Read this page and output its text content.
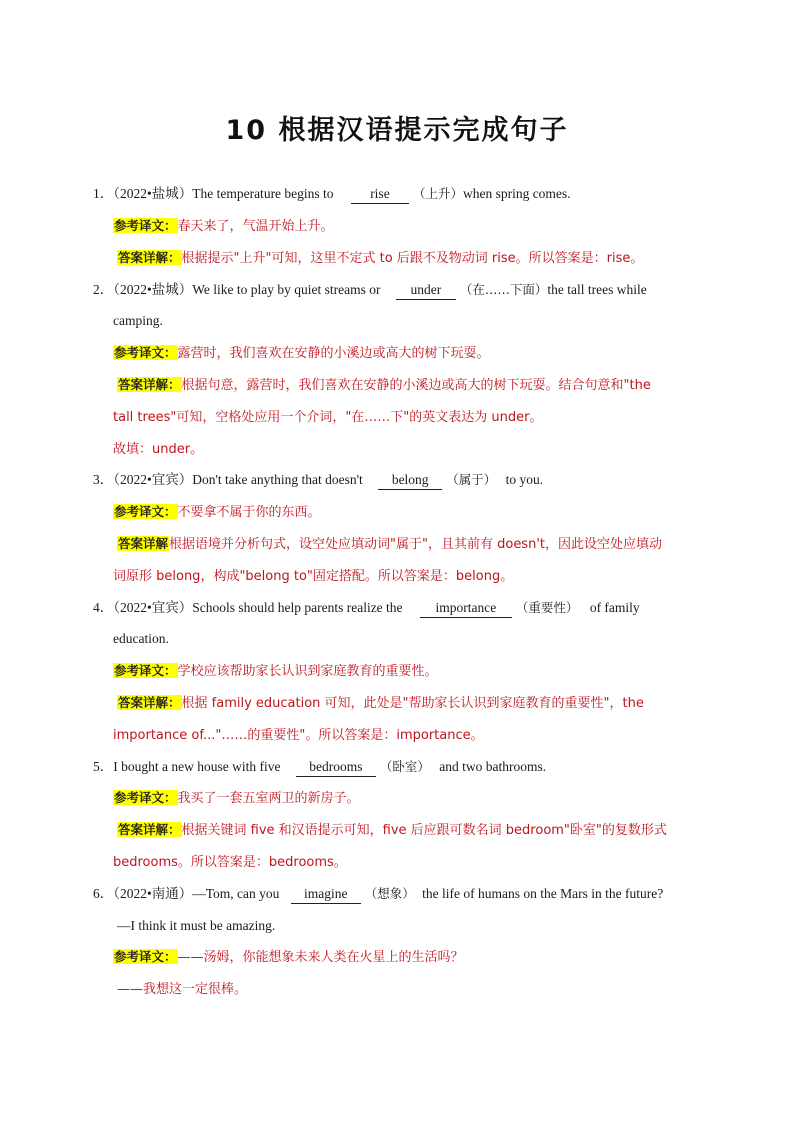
10 根据汉语提示完成句子
1．（2022•盐城）The temperature begins to	rise （上升）when spring comes.
参考译文：春天来了，气温开始上升。
答案详解：根据提示"上升"可知，这里不定式 to 后跟不及物动词 rise。所以答案是：rise。
2．（2022•盐城）We like to play by quiet streams or under （在……下面）the tall trees while
camping.
参考译文：露营时，我们喜欢在安静的小溪边或高大的树下玩耍。
答案详解：根据句意，露营时，我们喜欢在安静的小溪边或高大的树下玩耍。结合句意和"the
tall trees"可知，空格处应用一个介词，"在……下"的英文表达为 under。
故填：under。
3．（2022•宜宾）Don't take anything that doesn't belong （属于） to you.
参考译文：不要拿不属于你的东西。
答案详解根据语境并分析句式，设空处应填动词"属于"，且其前有 doesn't，因此设空处应填动
词原形 belong，构成"belong to"固定搭配。所以答案是：belong。
4．（2022•宜宾）Schools should help parents realize the importance （重要性） of family
education.
参考译文：学校应该帮助家长认识到家庭教育的重要性。
答案详解：根据 family education 可知，此处是"帮助家长认识到家庭教育的重要性"，the
importance of..."……的重要性"。所以答案是：importance。
5．I bought a new house with five bedrooms （卧室） and two bathrooms.
参考译文：我买了一套五室两卫的新房子。
答案详解：根据关键词 five 和汉语提示可知，five 后应跟可数名词 bedroom"卧室"的复数形式
bedrooms。所以答案是：bedrooms。
6．（2022•南通）—Tom, can you imagine （想象） the life of humans on the Mars in the future?
—I think it must be amazing.
参考译文：——汤姆，你能想象未来人类在火星上的生活吗？
——我想这一定很棒。
